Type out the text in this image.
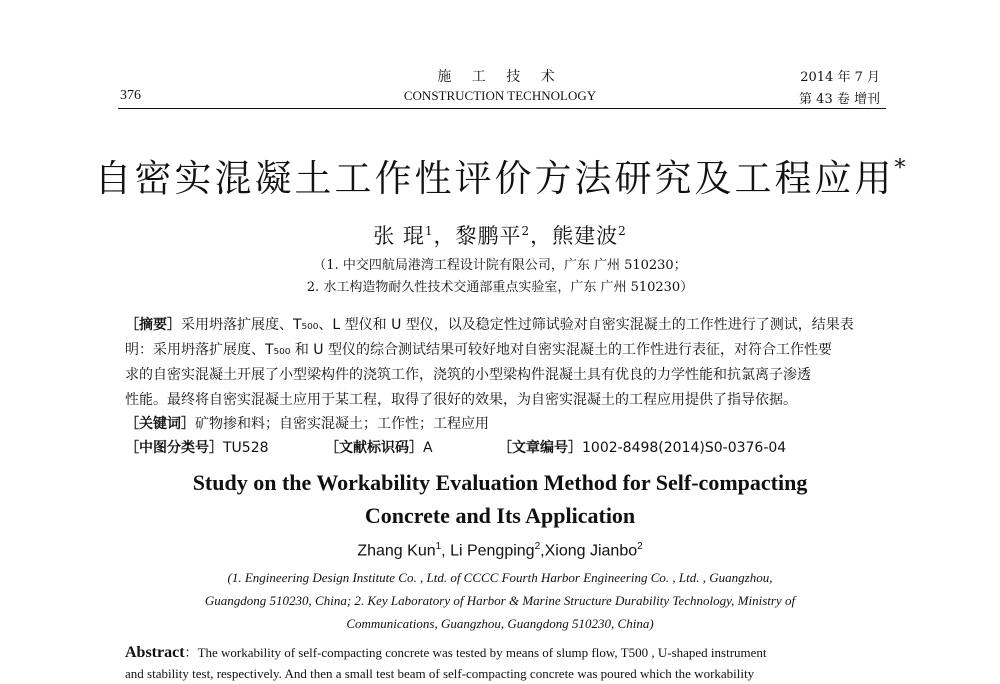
376
施 工 技 术
CONSTRUCTION TECHNOLOGY
2014 年 7 月
第 43 卷 增刊
自密实混凝土工作性评价方法研究及工程应用*
张 琨$^1$，黎鹏平$^2$，熊建波$^2$
（1. 中交四航局港湾工程设计院有限公司，广东 广州 510230；
2. 水工构造物耐久性技术交通部重点实验室，广东 广州 510230）
［摘要］采用坍落扩展度、T₅₀₀、L 型仪和 U 型仪，以及稳定性过筛试验对自密实混凝土的工作性进行了测试，结果表
明：采用坍落扩展度、T₅₀₀ 和 U 型仪的综合测试结果可较好地对自密实混凝土的工作性进行表征，对符合工作性要
求的自密实混凝土开展了小型梁构件的浇筑工作，浇筑的小型梁构件混凝土具有优良的力学性能和抗氯离子渗透
性能。最终将自密实混凝土应用于某工程，取得了很好的效果，为自密实混凝土的工程应用提供了指导依据。
［关键词］矿物掺和料；自密实混凝土；工作性；工程应用
［中图分类号］TU528	［文献标识码］A	［文章编号］1002-8498(2014)S0-0376-04
Study on the Workability Evaluation Method for Self-compacting
Concrete and Its Application
Zhang Kun$^1$, Li Pengping$^2$,Xiong Jianbo$^2$
(1. Engineering Design Institute Co. , Ltd. of CCCC Fourth Harbor Engineering Co. , Ltd. , Guangzhou,
Guangdong 510230, China; 2. Key Laboratory of Harbor & Marine Structure Durability Technology, Ministry of
Communications, Guangzhou, Guangdong 510230, China)
Abstract：The workability of self-compacting concrete was tested by means of slump flow, T500 , U-shaped instrument
and stability test, respectively. And then a small test beam of self-compacting concrete was poured which the workability
